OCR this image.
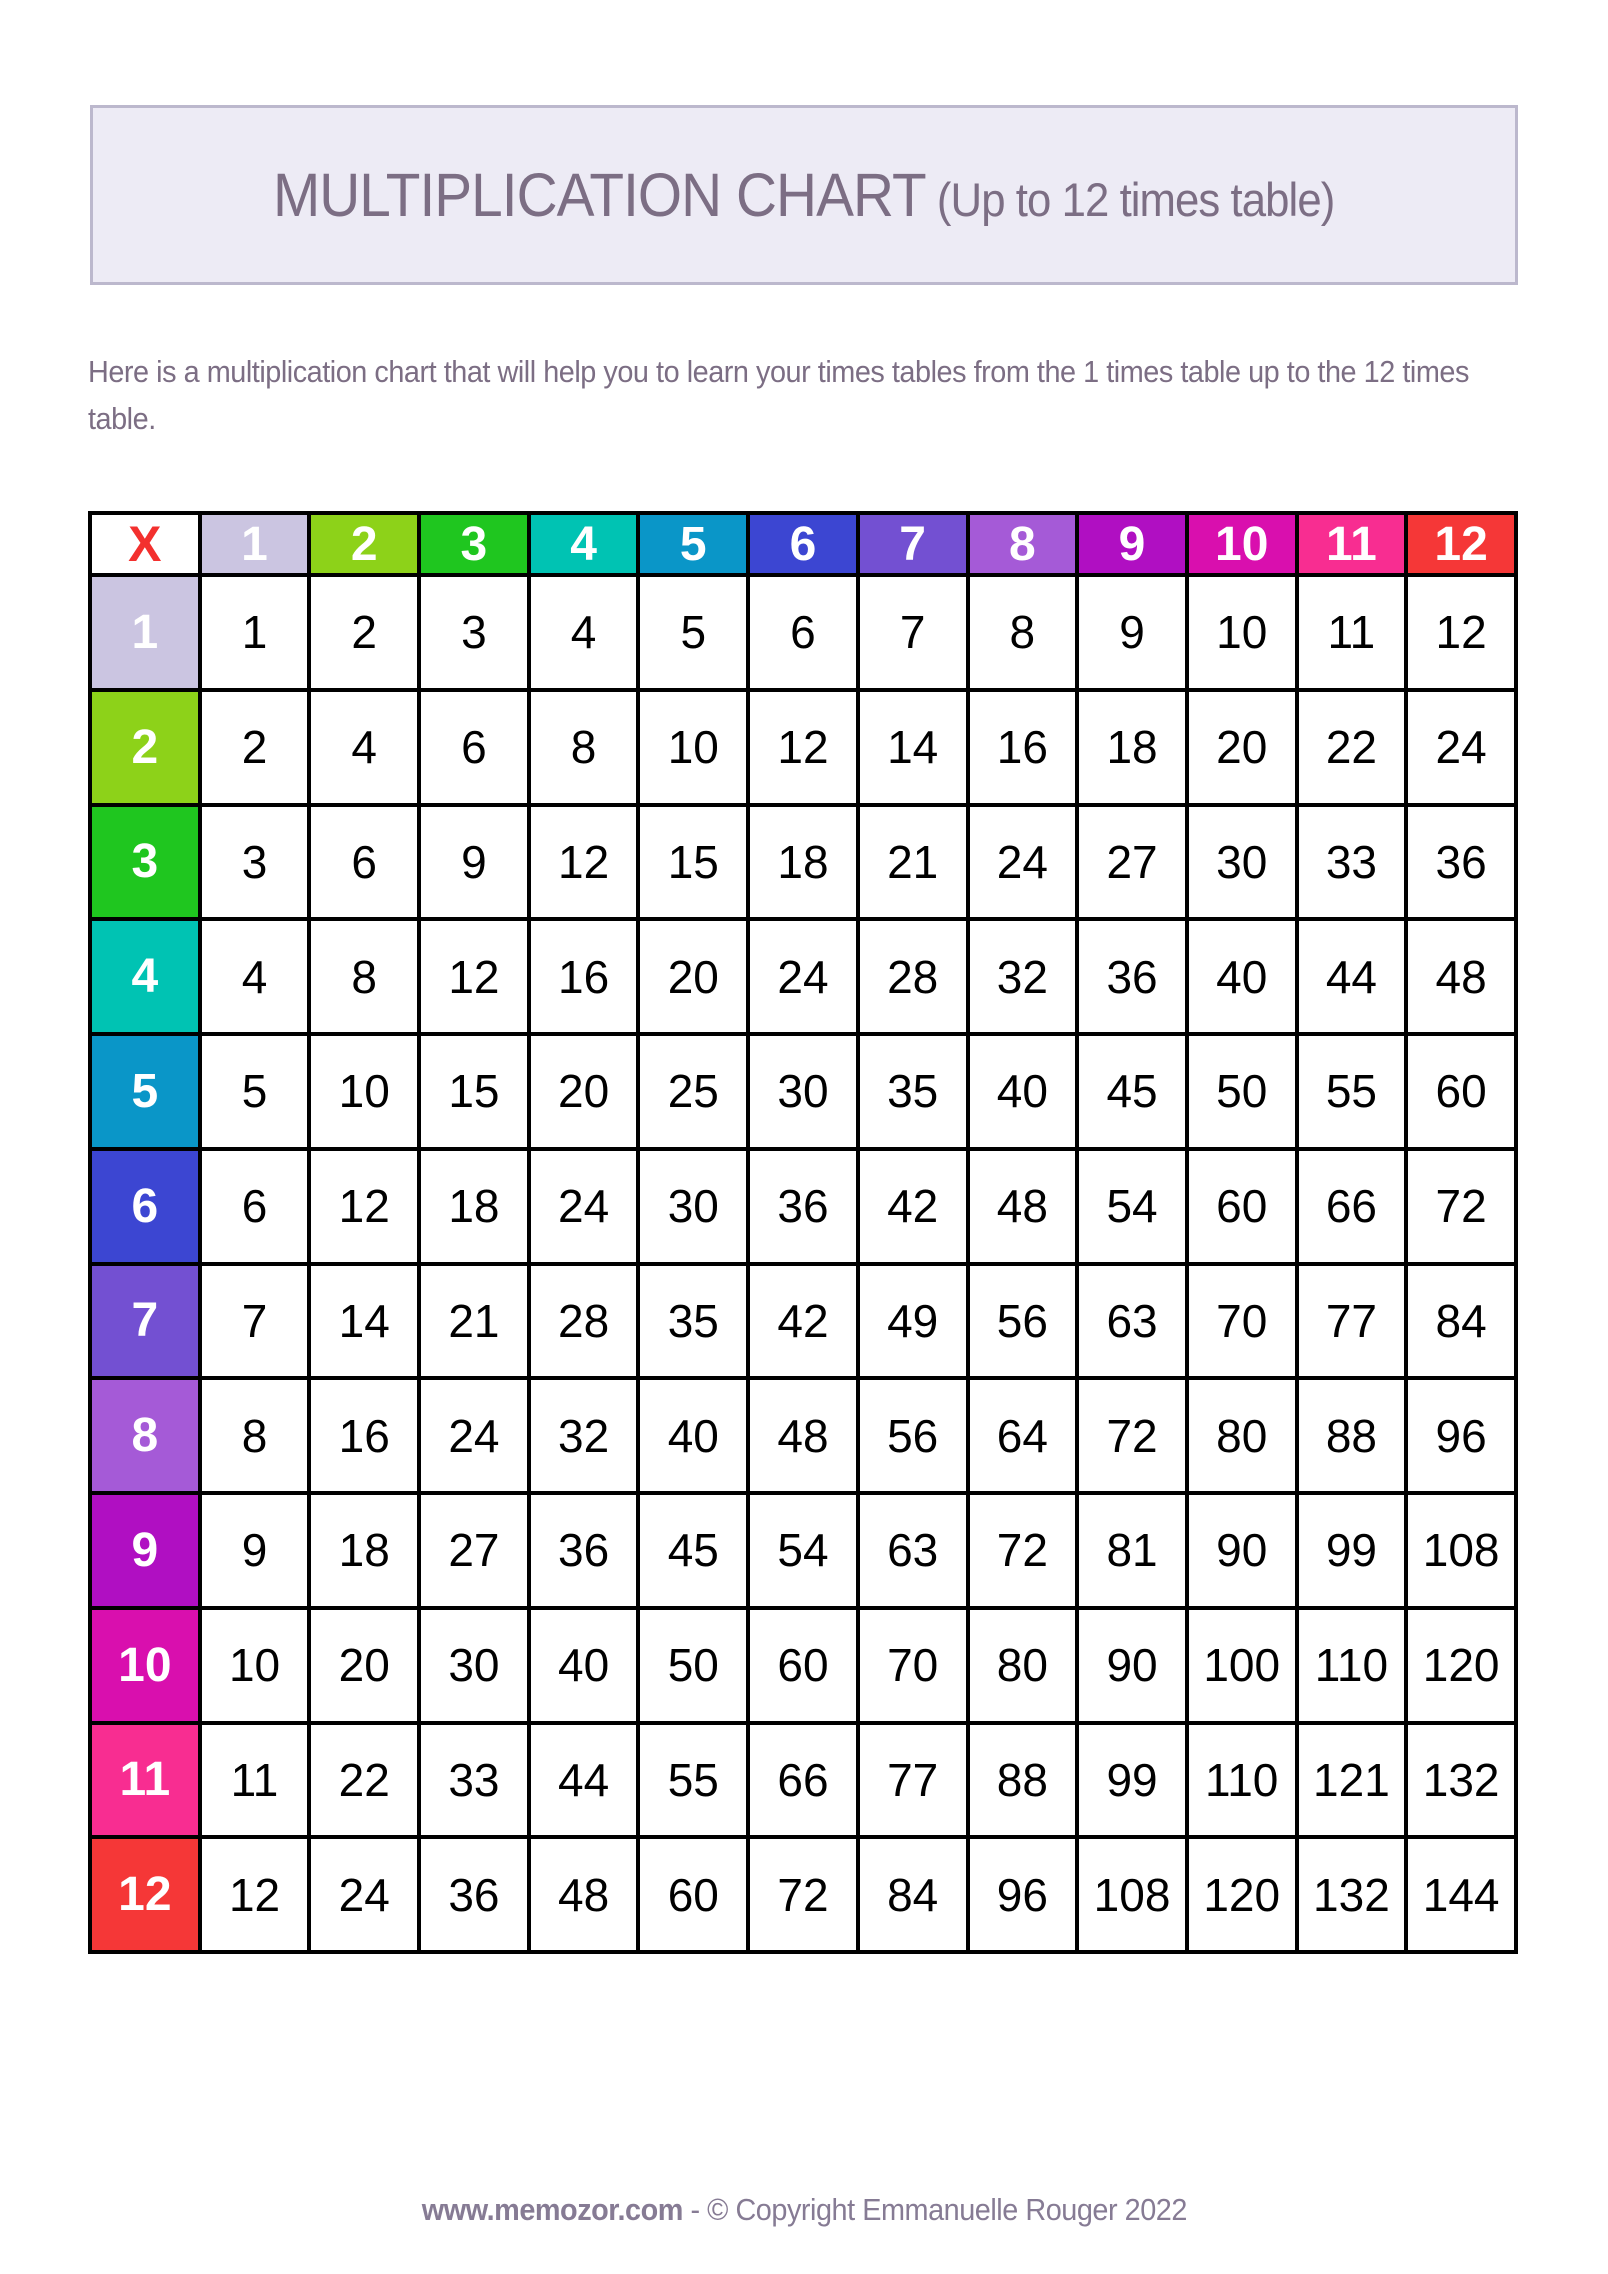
MULTIPLICATION CHART (Up to 12 times table)
Here is a multiplication chart that will help you to learn your times tables from the 1 times table up to the 12 times table.
X	1	2	3	4	5	6	7	8	9	10	11	12
1	1	2	3	4	5	6	7	8	9	10	11	12
2	2	4	6	8	10	12	14	16	18	20	22	24
3	3	6	9	12	15	18	21	24	27	30	33	36
4	4	8	12	16	20	24	28	32	36	40	44	48
5	5	10	15	20	25	30	35	40	45	50	55	60
6	6	12	18	24	30	36	42	48	54	60	66	72
7	7	14	21	28	35	42	49	56	63	70	77	84
8	8	16	24	32	40	48	56	64	72	80	88	96
9	9	18	27	36	45	54	63	72	81	90	99	108
10	10	20	30	40	50	60	70	80	90	100	110	120
11	11	22	33	44	55	66	77	88	99	110	121	132
12	12	24	36	48	60	72	84	96	108	120	132	144
www.memozor.com - © Copyright Emmanuelle Rouger 2022
